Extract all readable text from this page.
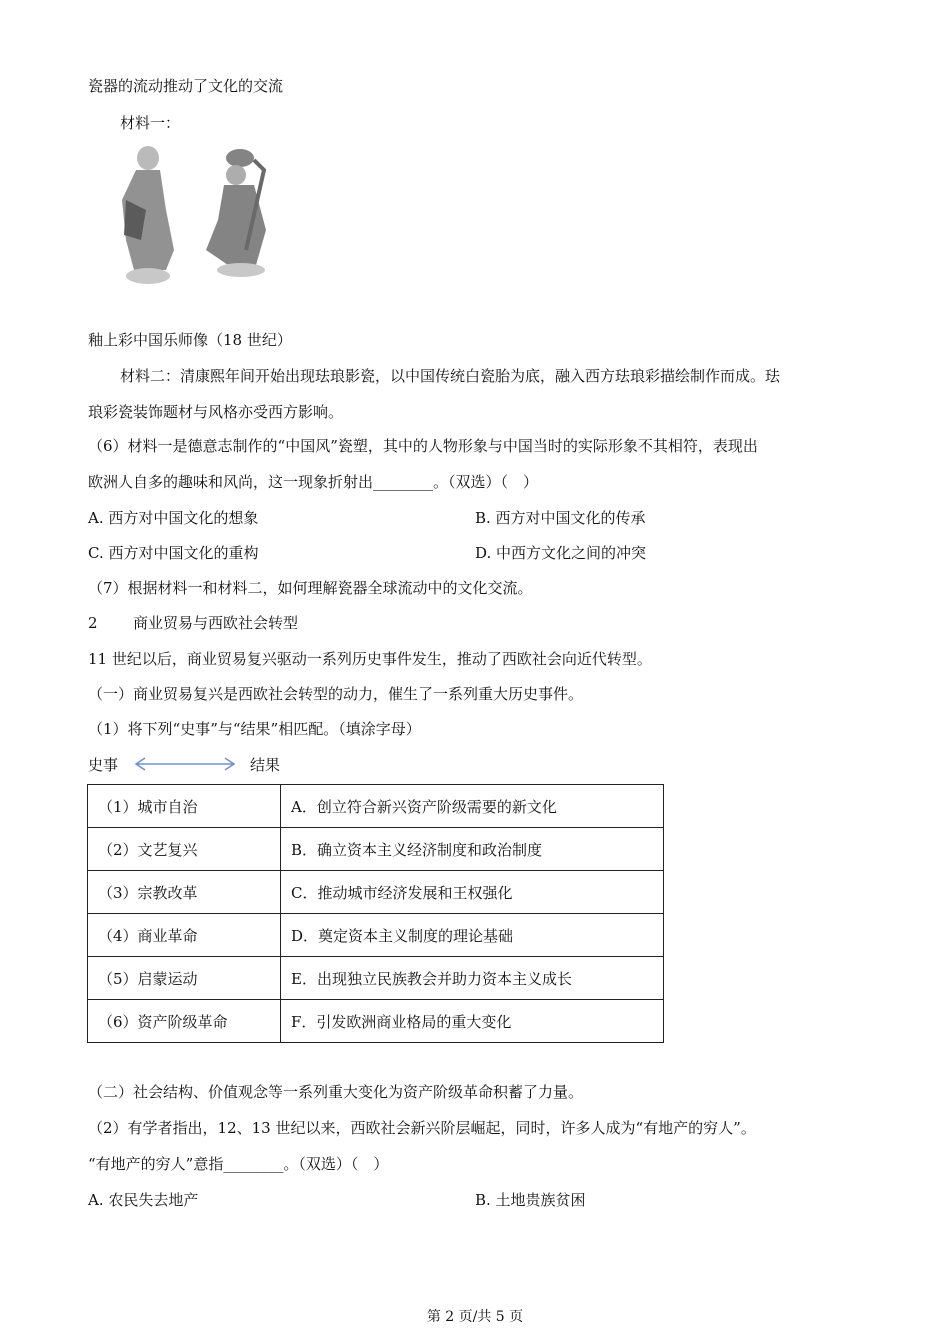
瓷器的流动推动了文化的交流
材料一：
釉上彩中国乐师像（18 世纪）
材料二：清康熙年间开始出现珐琅影瓷，以中国传统白瓷胎为底，融入西方珐琅彩描绘制作而成。珐
琅彩瓷装饰题材与风格亦受西方影响。
（6）材料一是德意志制作的“中国风”瓷塑，其中的人物形象与中国当时的实际形象不其相符，表现出
欧洲人自多的趣味和风尚，这一现象折射出________。（双选）（　）
A. 西方对中国文化的想象	B. 西方对中国文化的传承
C. 西方对中国文化的重构	D. 中西方文化之间的冲突
（7）根据材料一和材料二，如何理解瓷器全球流动中的文化交流。
2 商业贸易与西欧社会转型
11 世纪以后，商业贸易复兴驱动一系列历史事件发生，推动了西欧社会向近代转型。
（一）商业贸易复兴是西欧社会转型的动力，催生了一系列重大历史事件。
（1）将下列“史事”与“结果”相匹配。（填涂字母）
史事	结果
（1）城市自治	A．创立符合新兴资产阶级需要的新文化
（2）文艺复兴	B．确立资本主义经济制度和政治制度
（3）宗教改革	C．推动城市经济发展和王权强化
（4）商业革命	D．奠定资本主义制度的理论基础
（5）启蒙运动	E．出现独立民族教会并助力资本主义成长
（6）资产阶级革命	F．引发欧洲商业格局的重大变化
（二）社会结构、价值观念等一系列重大变化为资产阶级革命积蓄了力量。
（2）有学者指出，12、13 世纪以来，西欧社会新兴阶层崛起，同时，许多人成为“有地产的穷人”。
“有地产的穷人”意指________。（双选）（　）
A. 农民失去地产	B. 土地贵族贫困
第 2 页/共 5 页
